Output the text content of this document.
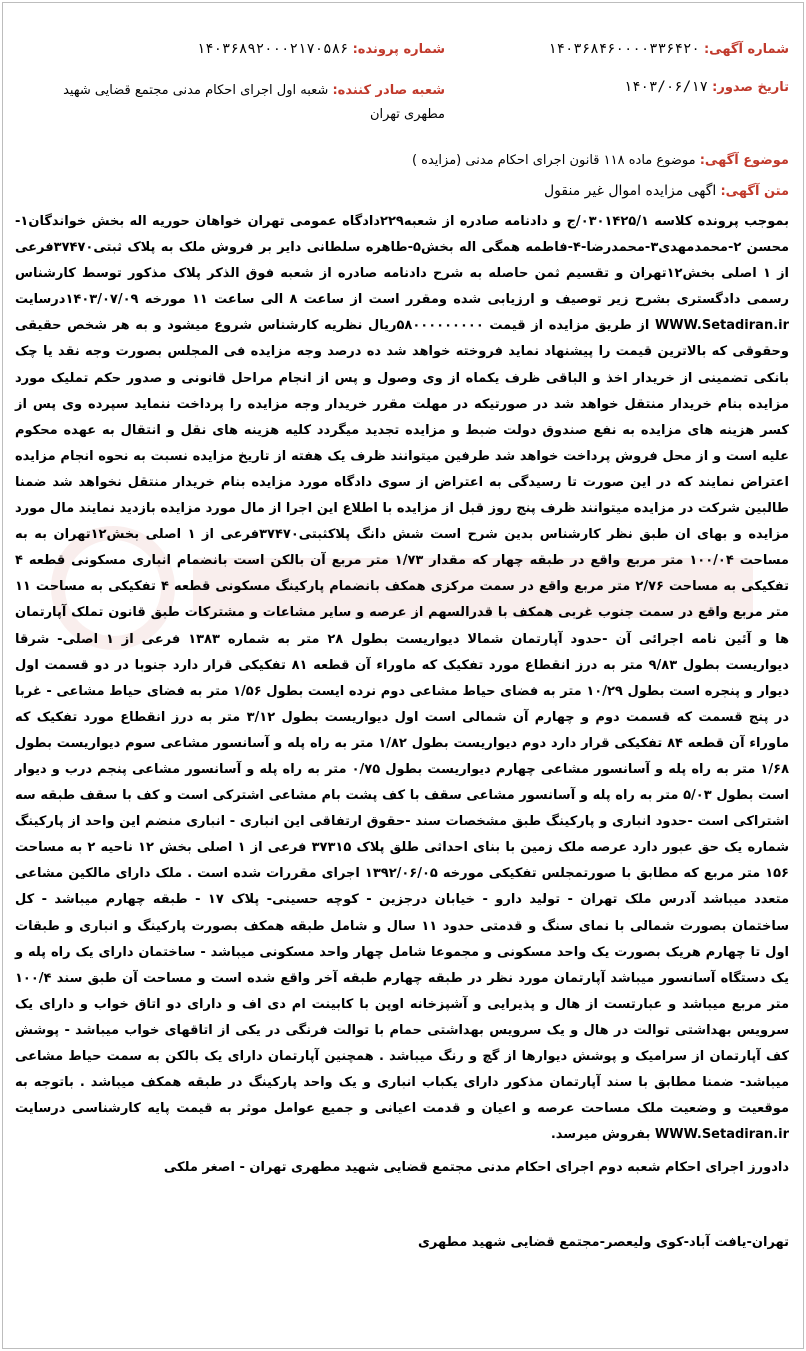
شماره آگهی: ۱۴۰۳۶۸۴۶۰۰۰۰۳۳۶۴۲۰
شماره پرونده: ۱۴۰۳۶۸۹۲۰۰۰۲۱۷۰۵۸۶
تاریخ صدور: ۱۴۰۳/۰۶/۱۷
شعبه صادر کننده: شعبه اول اجرای احکام مدنی مجتمع قضایی شهید مطهری تهران
موضوع آگهی: موضوع ماده ۱۱۸ قانون اجرای احکام مدنی (مزایده )
متن آگهی: اگهی مزایده اموال غیر منقول
بموجب پرونده کلاسه ۰۳۰۱۴۲۵/۱/ج و دادنامه صادره از شعبه۲۲۹دادگاه عمومی تهران خواهان حوریه اله بخش خواندگان۱-محسن ۲-محمدمهدی۳-محمدرضا-۴-فاطمه همگی اله بخش۵-طاهره سلطانی دایر بر فروش ملک به پلاک ثبتی۳۷۴۷۰فرعی از ۱ اصلی بخش۱۲تهران و تقسیم ثمن حاصله به شرح دادنامه صادره از شعبه فوق الذکر پلاک مذکور توسط کارشناس رسمی دادگستری بشرح زیر توصیف و ارزیابی شده ومقرر است از ساعت ۸ الی ساعت ۱۱ مورخه ۱۴۰۳/۰۷/۰۹درسایت WWW.Setadiran.ir از طریق مزایده از قیمت ۵۸۰۰۰۰۰۰۰۰۰ریال نظریه کارشناس شروع میشود و به هر شخص حقیقی وحقوقی که بالاترین قیمت را پیشنهاد نماید فروخته خواهد شد ده درصد وجه مزایده فی المجلس بصورت وجه نقد یا چک بانکی تضمینی از خریدار اخذ و الباقی ظرف یکماه از وی وصول و پس از انجام مراحل قانونی و صدور حکم تملیک مورد مزایده بنام خریدار منتقل خواهد شد در صورتیکه در مهلت مقرر خریدار وجه مزایده را پرداخت ننماید سپرده وی پس از کسر هزینه های مزایده به نفع صندوق دولت ضبط و مزایده تجدید میگردد کلیه هزینه های نقل و انتقال به عهده محکوم علیه است و از محل فروش پرداخت خواهد شد طرفین میتوانند ظرف یک هفته از تاریخ مزایده نسبت به نحوه انجام مزایده اعتراض نمایند که در این صورت تا رسیدگی به اعتراض از سوی دادگاه مورد مزایده بنام خریدار منتقل نخواهد شد ضمنا طالبین شرکت در مزایده میتوانند ظرف پنج روز قبل از مزایده با اطلاع این اجرا از مال مورد مزایده بازدید نمایند مال مورد مزایده و بهای ان طبق نظر کارشناس بدین شرح است شش دانگ پلاکثبتی۳۷۴۷۰فرعی از ۱ اصلی بخش۱۲تهران به به مساحت ۱۰۰/۰۴ متر مربع واقع در طبقه چهار که مقدار ۱/۷۳ متر مربع آن بالکن است بانضمام انباری مسکونی قطعه ۴ تفکیکی به مساحت ۲/۷۶ متر مربع واقع در سمت مرکزی همکف بانضمام پارکینگ مسکونی قطعه ۴ تفکیکی به مساحت ۱۱ متر مربع واقع در سمت جنوب غربی همکف با قدرالسهم از عرصه و سایر مشاعات و مشترکات طبق قانون تملک آپارتمان ها و آئین نامه اجرائی آن -حدود آپارتمان شمالا دیواریست بطول ۲۸ متر به شماره ۱۳۸۳ فرعی از ۱ اصلی- شرقا دیواریست بطول ۹/۸۳ متر به درز انقطاع مورد تفکیک که ماوراء آن قطعه ۸۱ تفکیکی قرار دارد جنوبا در دو قسمت اول دیوار و پنجره است بطول ۱۰/۲۹ متر به فضای حیاط مشاعی دوم نرده ایست بطول ۱/۵۶ متر به فضای حیاط مشاعی - غربا در پنج قسمت که قسمت دوم و چهارم آن شمالی است اول دیواریست بطول ۳/۱۲ متر به درز انقطاع مورد تفکیک که ماوراء آن قطعه ۸۴ تفکیکی قرار دارد دوم دیواریست بطول ۱/۸۲ متر به راه پله و آسانسور مشاعی سوم دیواریست بطول ۱/۶۸ متر به راه پله و آسانسور مشاعی چهارم دیواریست بطول ۰/۷۵ متر به راه پله و آسانسور مشاعی پنجم درب و دیوار است بطول ۵/۰۳ متر به راه پله و آسانسور مشاعی سقف با کف پشت بام مشاعی اشترکی است و کف با سقف طبقه سه اشتراکی است -حدود انباری و پارکینگ طبق مشخصات سند -حقوق ارتفاقی این انباری - انباری منضم این واحد از پارکینگ شماره یک حق عبور دارد عرصه ملک زمین با بنای احداثی طلق پلاک ۳۷۳۱۵ فرعی از ۱ اصلی بخش ۱۲ ناحیه ۲ به مساحت ۱۵۶ متر مربع که مطابق با صورتمجلس تفکیکی مورخه ۱۳۹۲/۰۶/۰۵ اجرای مقررات شده است . ملک دارای مالکین مشاعی متعدد میباشد آدرس ملک تهران - تولید دارو - خیابان درجزین - کوچه حسینی- پلاک ۱۷ - طبقه چهارم میباشد - کل ساختمان بصورت شمالی با نمای سنگ و قدمتی حدود ۱۱ سال و شامل طبقه همکف بصورت پارکینگ و انباری و طبقات اول تا چهارم هریک بصورت یک واحد مسکونی و مجموعا شامل چهار واحد مسکونی میباشد - ساختمان دارای یک راه پله و یک دستگاه آسانسور میباشد آپارتمان مورد نظر در طبقه چهارم طبقه آخر واقع شده است و مساحت آن طبق سند ۱۰۰/۴ متر مربع میباشد و عبارتست از هال و پذیرایی و آشپزخانه اوپن با کابینت ام دی اف و دارای دو اتاق خواب و دارای یک سرویس بهداشتی توالت در هال و یک سرویس بهداشتی حمام با توالت فرنگی در یکی از اتاقهای خواب میباشد - پوشش کف آپارتمان از سرامیک و پوشش دیوارها از گچ و رنگ میباشد . همچنین آپارتمان دارای یک بالکن به سمت حیاط مشاعی میباشد- ضمنا مطابق با سند آپارتمان مذکور دارای یکباب انباری و یک واحد پارکینگ در طبقه همکف میباشد . باتوجه به موقعیت و وضعیت ملک مساحت عرصه و اعیان و قدمت اعیانی و جمیع عوامل موثر به قیمت پایه کارشناسی درسایت WWW.Setadiran.ir بفروش میرسد.
دادورز اجرای احکام شعبه دوم اجرای احکام مدنی مجتمع قضایی شهید مطهری تهران - اصغر ملکی
تهران-یافت آباد-کوی ولیعصر-مجتمع قضایی شهید مطهری
